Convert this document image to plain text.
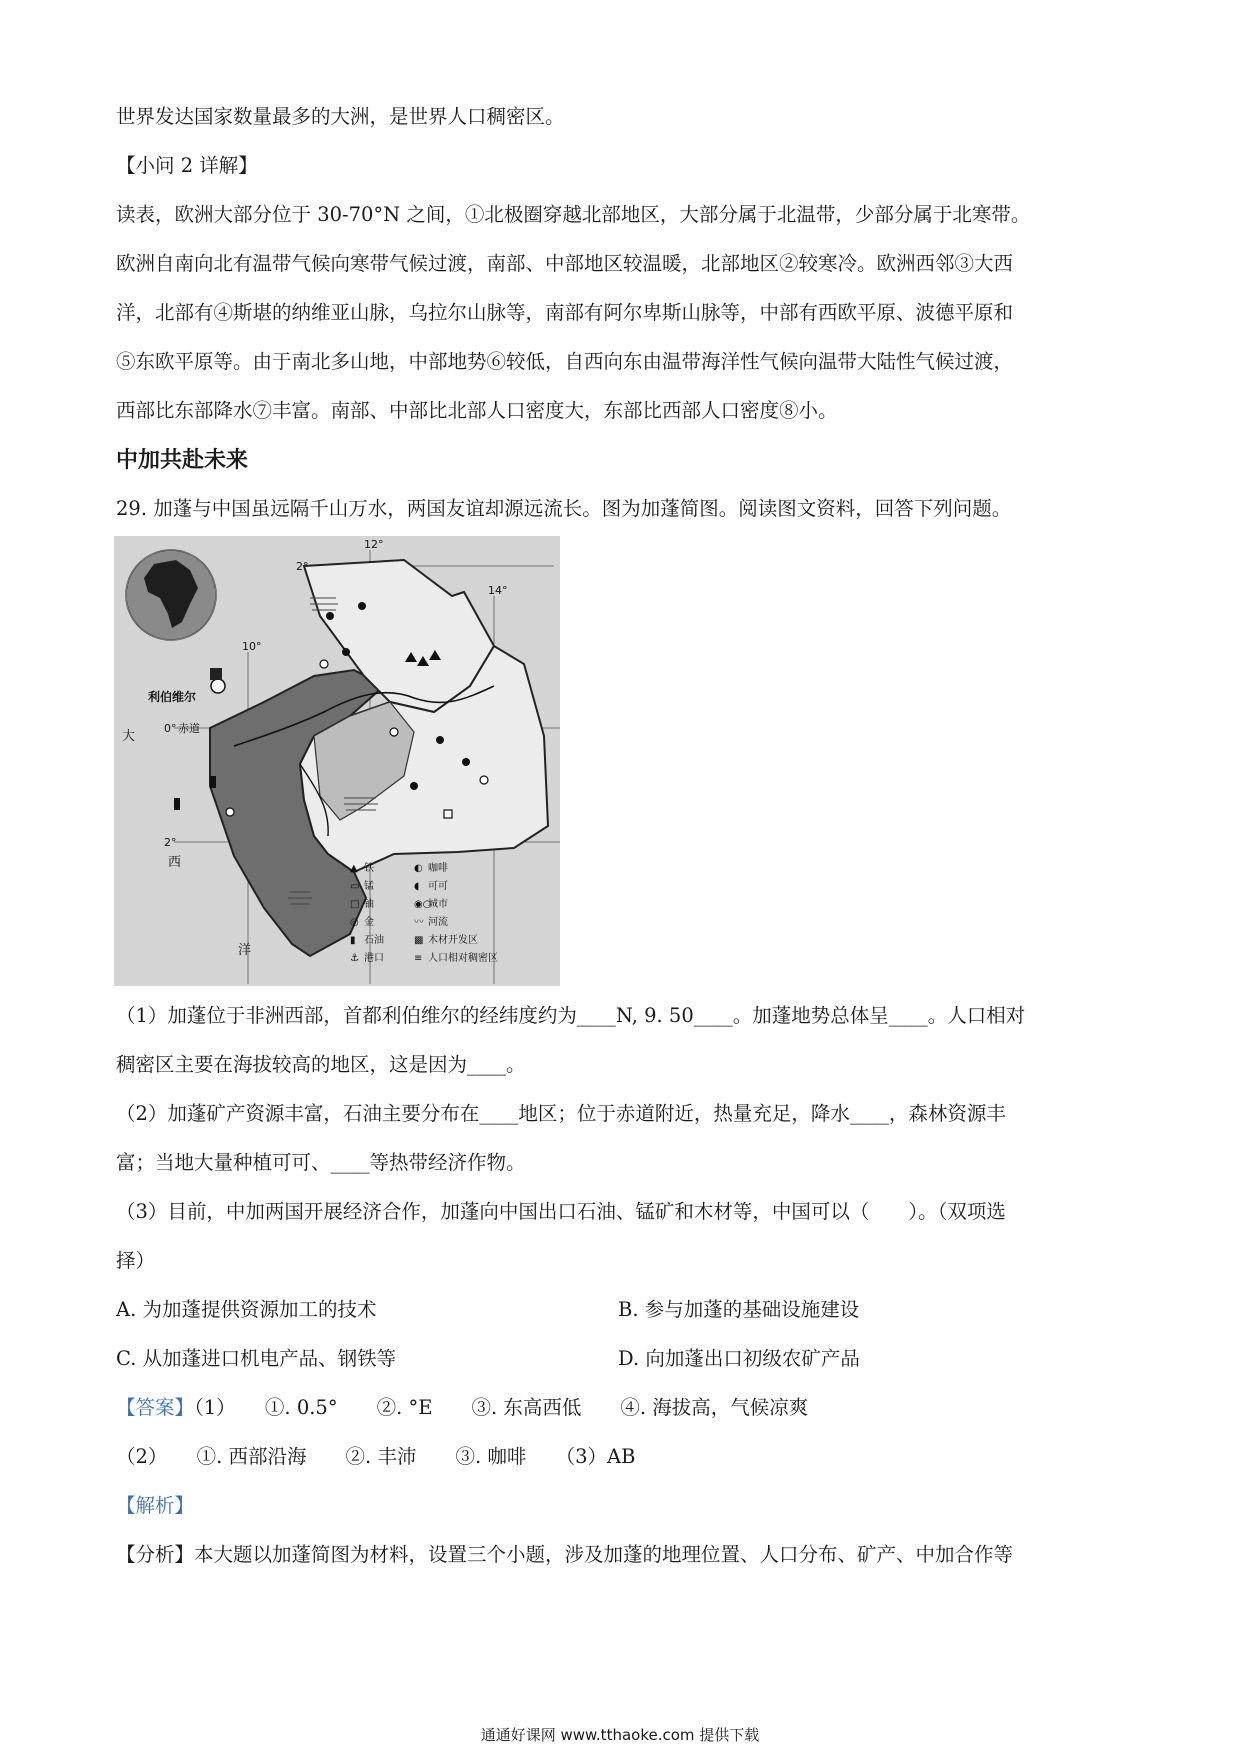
世界发达国家数量最多的大洲，是世界人口稠密区。
【小问 2 详解】
读表，欧洲大部分位于 30-70°N 之间，①北极圈穿越北部地区，大部分属于北温带，少部分属于北寒带。
欧洲自南向北有温带气候向寒带气候过渡，南部、中部地区较温暖，北部地区②较寒冷。欧洲西邻③大西
洋，北部有④斯堪的纳维亚山脉，乌拉尔山脉等，南部有阿尔卑斯山脉等，中部有西欧平原、波德平原和
⑤东欧平原等。由于南北多山地，中部地势⑥较低，自西向东由温带海洋性气候向温带大陆性气候过渡，
西部比东部降水⑦丰富。南部、中部比北部人口密度大，东部比西部人口密度⑧小。
中加共赴未来
29. 加蓬与中国虽远隔千山万水，两国友谊却源远流长。图为加蓬简图。阅读图文资料，回答下列问题。
12°
14°
10°
2°
0° 赤道
2°
利伯维尔
大
西
洋
▲ 铁	◐ 咖啡
▭ 锰	◖ 可可
□ 铀	◉○
城市
◎ 金	〰 河流
▮ 石油	▩ 木材开发区
⚓ 港口	≡ 人口相对稠密区
（1）加蓬位于非洲西部，首都利伯维尔的经纬度约为____N, 9. 50____。加蓬地势总体呈____。人口相对
稠密区主要在海拔较高的地区，这是因为____。
（2）加蓬矿产资源丰富，石油主要分布在____地区；位于赤道附近，热量充足，降水____，森林资源丰
富；当地大量种植可可、____等热带经济作物。
（3）目前，中加两国开展经济合作，加蓬向中国出口石油、锰矿和木材等，中国可以（　　）。（双项选
择）
A. 为加蓬提供资源加工的技术	B. 参与加蓬的基础设施建设
C. 从加蓬进口机电产品、钢铁等	D. 向加蓬出口初级农矿产品
【答案】（1）　　①. 0.5°　　②. °E　　③. 东高西低　　④. 海拔高，气候凉爽
（2）　　①. 西部沿海　　②. 丰沛　　③. 咖啡　　（3）AB
【解析】
【分析】本大题以加蓬简图为材料，设置三个小题，涉及加蓬的地理位置、人口分布、矿产、中加合作等
通通好课网 www.tthaoke.com 提供下载
